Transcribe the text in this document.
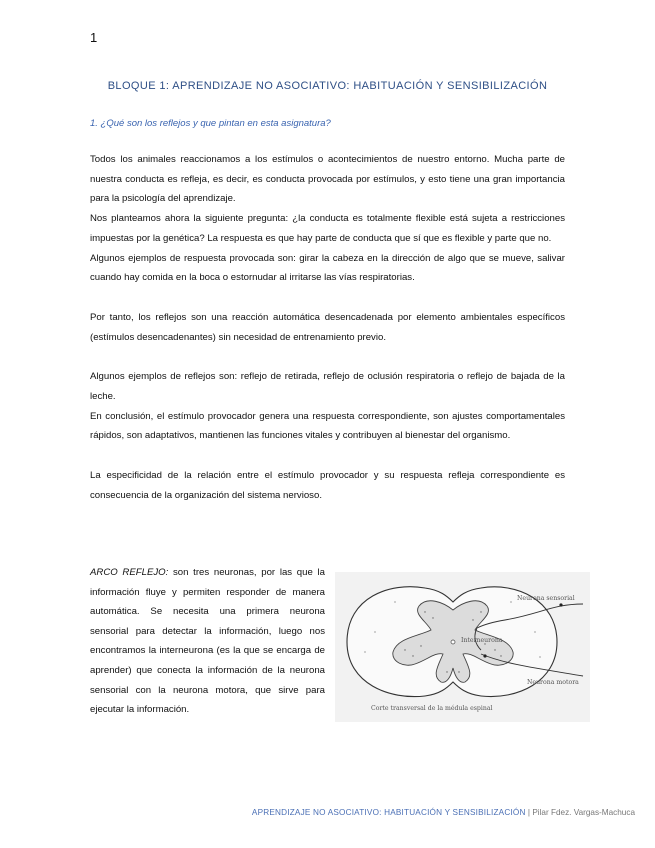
1
BLOQUE 1: APRENDIZAJE NO ASOCIATIVO: HABITUACIÓN Y SENSIBILIZACIÓN
1. ¿Qué son los reflejos y que pintan en esta asignatura?

Todos los animales reaccionamos a los estímulos o acontecimientos de nuestro entorno. Mucha parte de nuestra conducta es refleja, es decir, es conducta provocada por estímulos, y esto tiene una gran importancia para la psicología del aprendizaje.

Nos planteamos ahora la siguiente pregunta: ¿la conducta es totalmente flexible está sujeta a restricciones impuestas por la genética? La respuesta es que hay parte de conducta que sí que es flexible y parte que no.

Algunos ejemplos de respuesta provocada son: girar la cabeza en la dirección de algo que se mueve, salivar cuando hay comida en la boca o estornudar al irritarse las vías respiratorias.

Por tanto, los reflejos son una reacción automática desencadenada por elemento ambientales específicos (estímulos desencadenantes) sin necesidad de entrenamiento previo.

Algunos ejemplos de reflejos son: reflejo de retirada, reflejo de oclusión respiratoria o reflejo de bajada de la leche.

En conclusión, el estímulo provocador genera una respuesta correspondiente, son ajustes comportamentales rápidos, son adaptativos, mantienen las funciones vitales y contribuyen al bienestar del organismo.

La especificidad de la relación entre el estímulo provocador y su respuesta refleja correspondiente es consecuencia de la organización del sistema nervioso.

ARCO REFLEJO: son tres neuronas, por las que la información fluye y permiten responder de manera automática. Se necesita una primera neurona sensorial para detectar la información, luego nos encontramos la interneurona (es la que se encarga de aprender) que conecta la información de la neurona sensorial con la neurona motora, que sirve para ejecutar la información.

Neurona sensorial
Interneurona
Neurona motora
Corte transversal de la médula espinal
APRENDIZAJE NO ASOCIATIVO: HABITUACIÓN Y SENSIBILIZACIÓN | Pilar Fdez. Vargas-Machuca
